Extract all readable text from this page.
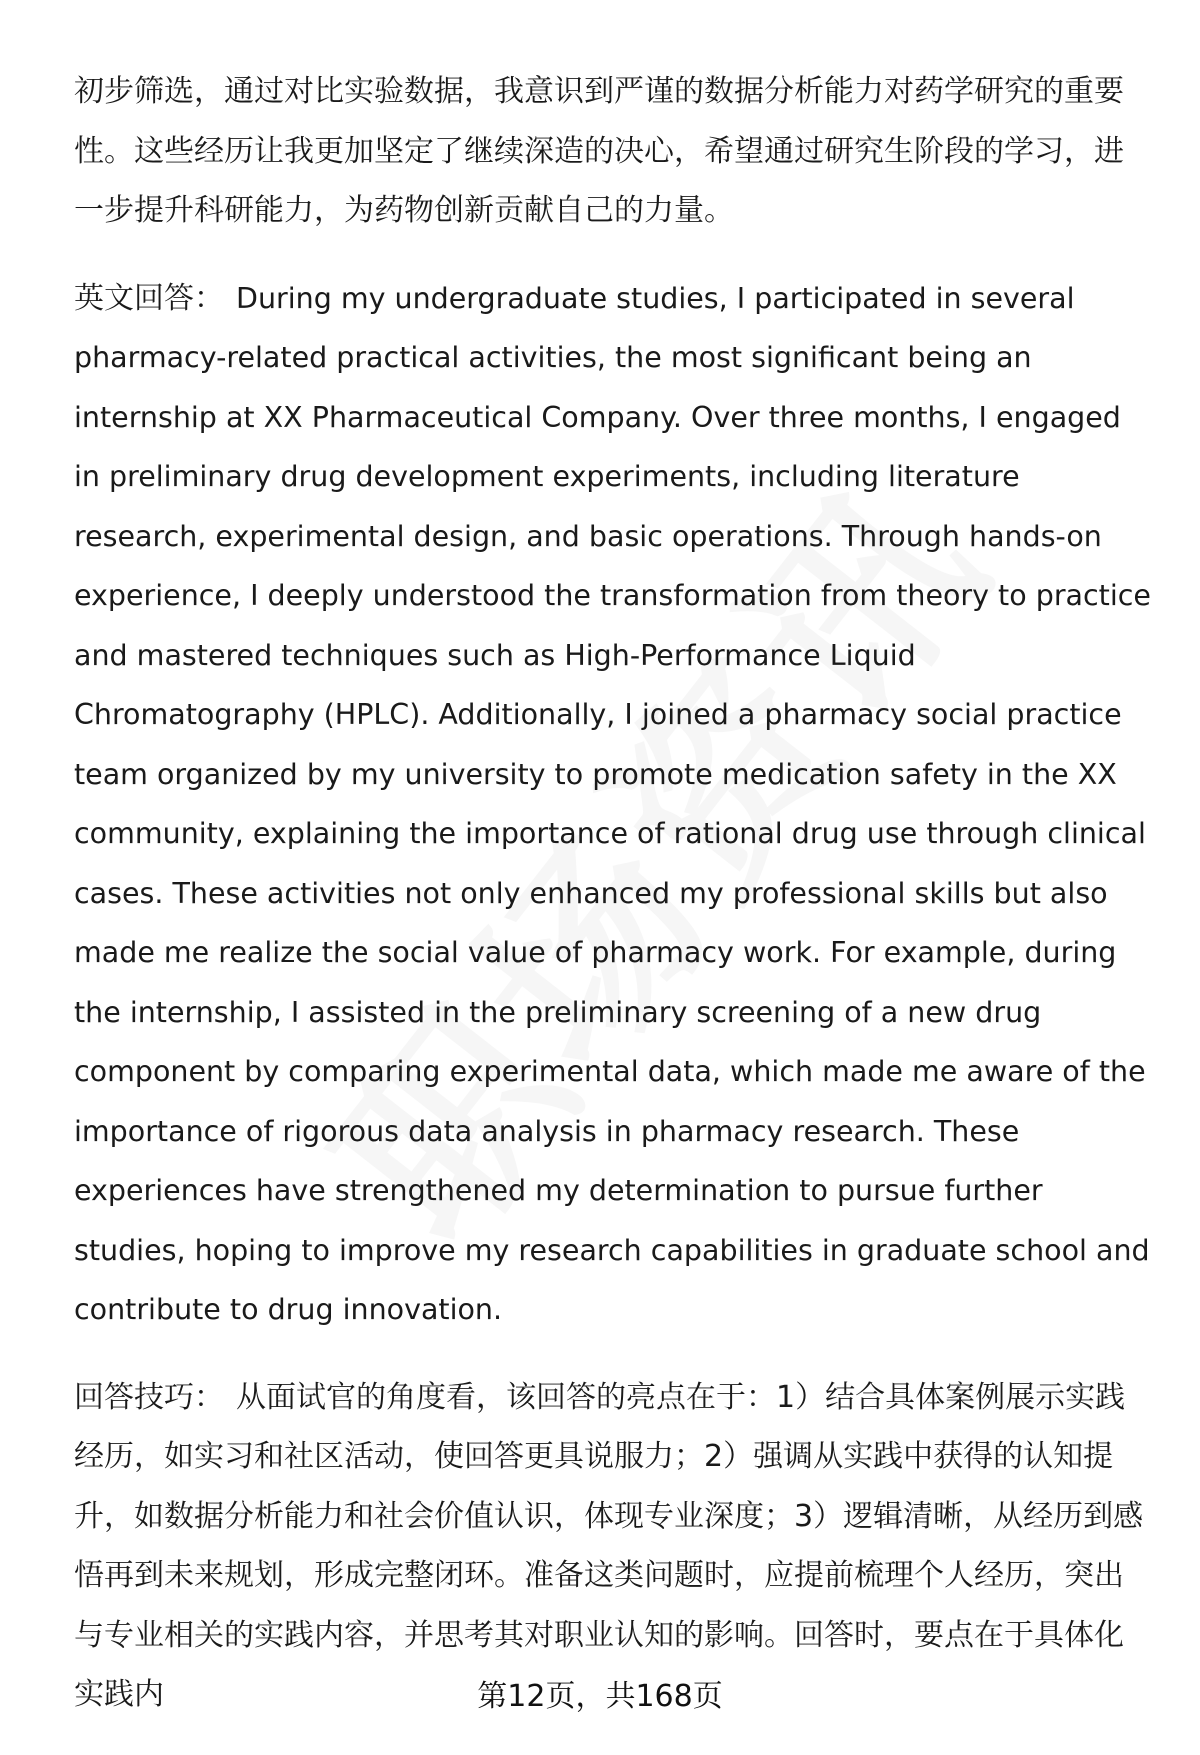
初步筛选，通过对比实验数据，我意识到严谨的数据分析能力对药学研究的重要性。这些经历让我更加坚定了继续深造的决心，希望通过研究生阶段的学习，进一步提升科研能力，为药物创新贡献自己的力量。

英文回答： During my undergraduate studies, I participated in several pharmacy-related practical activities, the most significant being an internship at XX Pharmaceutical Company. Over three months, I engaged in preliminary drug development experiments, including literature research, experimental design, and basic operations. Through hands-on experience, I deeply understood the transformation from theory to practice and mastered techniques such as High-Performance Liquid Chromatography (HPLC). Additionally, I joined a pharmacy social practice team organized by my university to promote medication safety in the XX community, explaining the importance of rational drug use through clinical cases. These activities not only enhanced my professional skills but also made me realize the social value of pharmacy work. For example, during the internship, I assisted in the preliminary screening of a new drug component by comparing experimental data, which made me aware of the importance of rigorous data analysis in pharmacy research. These experiences have strengthened my determination to pursue further studies, hoping to improve my research capabilities in graduate school and contribute to drug innovation.

回答技巧： 从面试官的角度看，该回答的亮点在于：1）结合具体案例展示实践经历，如实习和社区活动，使回答更具说服力；2）强调从实践中获得的认知提升，如数据分析能力和社会价值认识，体现专业深度；3）逻辑清晰，从经历到感悟再到未来规划，形成完整闭环。准备这类问题时，应提前梳理个人经历，突出与专业相关的实践内容，并思考其对职业认知的影响。回答时，要点在于具体化实践内	第12页，共168页
